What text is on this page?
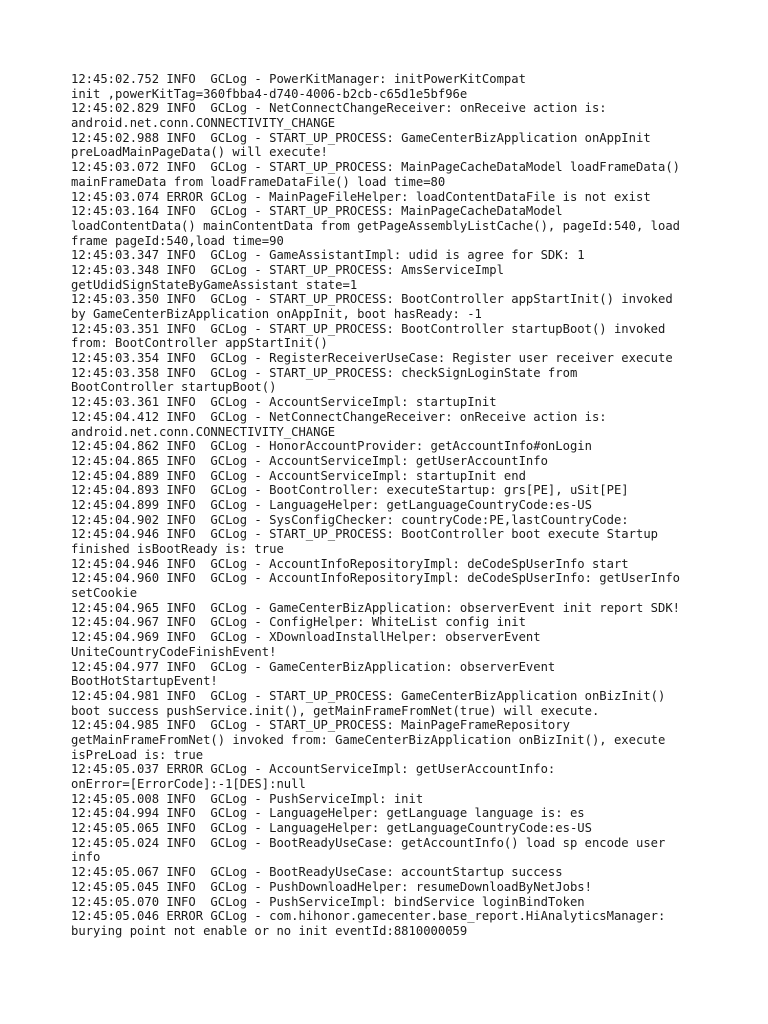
12:45:02.752 INFO  GCLog - PowerKitManager: initPowerKitCompat
init ,powerKitTag=360fbba4-d740-4006-b2cb-c65d1e5bf96e
12:45:02.829 INFO  GCLog - NetConnectChangeReceiver: onReceive action is:
android.net.conn.CONNECTIVITY_CHANGE
12:45:02.988 INFO  GCLog - START_UP_PROCESS: GameCenterBizApplication onAppInit
preLoadMainPageData() will execute!
12:45:03.072 INFO  GCLog - START_UP_PROCESS: MainPageCacheDataModel loadFrameData()
mainFrameData from loadFrameDataFile() load time=80
12:45:03.074 ERROR GCLog - MainPageFileHelper: loadContentDataFile is not exist
12:45:03.164 INFO  GCLog - START_UP_PROCESS: MainPageCacheDataModel
loadContentData() mainContentData from getPageAssemblyListCache(), pageId:540, load
frame pageId:540,load time=90
12:45:03.347 INFO  GCLog - GameAssistantImpl: udid is agree for SDK: 1
12:45:03.348 INFO  GCLog - START_UP_PROCESS: AmsServiceImpl
getUdidSignStateByGameAssistant state=1
12:45:03.350 INFO  GCLog - START_UP_PROCESS: BootController appStartInit() invoked
by GameCenterBizApplication onAppInit, boot hasReady: -1
12:45:03.351 INFO  GCLog - START_UP_PROCESS: BootController startupBoot() invoked
from: BootController appStartInit()
12:45:03.354 INFO  GCLog - RegisterReceiverUseCase: Register user receiver execute
12:45:03.358 INFO  GCLog - START_UP_PROCESS: checkSignLoginState from
BootController startupBoot()
12:45:03.361 INFO  GCLog - AccountServiceImpl: startupInit
12:45:04.412 INFO  GCLog - NetConnectChangeReceiver: onReceive action is:
android.net.conn.CONNECTIVITY_CHANGE
12:45:04.862 INFO  GCLog - HonorAccountProvider: getAccountInfo#onLogin
12:45:04.865 INFO  GCLog - AccountServiceImpl: getUserAccountInfo
12:45:04.889 INFO  GCLog - AccountServiceImpl: startupInit end
12:45:04.893 INFO  GCLog - BootController: executeStartup: grs[PE], uSit[PE]
12:45:04.899 INFO  GCLog - LanguageHelper: getLanguageCountryCode:es-US
12:45:04.902 INFO  GCLog - SysConfigChecker: countryCode:PE,lastCountryCode:
12:45:04.946 INFO  GCLog - START_UP_PROCESS: BootController boot execute Startup
finished isBootReady is: true
12:45:04.946 INFO  GCLog - AccountInfoRepositoryImpl: deCodeSpUserInfo start
12:45:04.960 INFO  GCLog - AccountInfoRepositoryImpl: deCodeSpUserInfo: getUserInfo
setCookie
12:45:04.965 INFO  GCLog - GameCenterBizApplication: observerEvent init report SDK!
12:45:04.967 INFO  GCLog - ConfigHelper: WhiteList config init
12:45:04.969 INFO  GCLog - XDownloadInstallHelper: observerEvent
UniteCountryCodeFinishEvent!
12:45:04.977 INFO  GCLog - GameCenterBizApplication: observerEvent
BootHotStartupEvent!
12:45:04.981 INFO  GCLog - START_UP_PROCESS: GameCenterBizApplication onBizInit()
boot success pushService.init(), getMainFrameFromNet(true) will execute.
12:45:04.985 INFO  GCLog - START_UP_PROCESS: MainPageFrameRepository
getMainFrameFromNet() invoked from: GameCenterBizApplication onBizInit(), execute
isPreLoad is: true
12:45:05.037 ERROR GCLog - AccountServiceImpl: getUserAccountInfo:
onError=[ErrorCode]:-1[DES]:null
12:45:05.008 INFO  GCLog - PushServiceImpl: init
12:45:04.994 INFO  GCLog - LanguageHelper: getLanguage language is: es
12:45:05.065 INFO  GCLog - LanguageHelper: getLanguageCountryCode:es-US
12:45:05.024 INFO  GCLog - BootReadyUseCase: getAccountInfo() load sp encode user
info
12:45:05.067 INFO  GCLog - BootReadyUseCase: accountStartup success
12:45:05.045 INFO  GCLog - PushDownloadHelper: resumeDownloadByNetJobs!
12:45:05.070 INFO  GCLog - PushServiceImpl: bindService loginBindToken
12:45:05.046 ERROR GCLog - com.hihonor.gamecenter.base_report.HiAnalyticsManager:
burying point not enable or no init eventId:8810000059
